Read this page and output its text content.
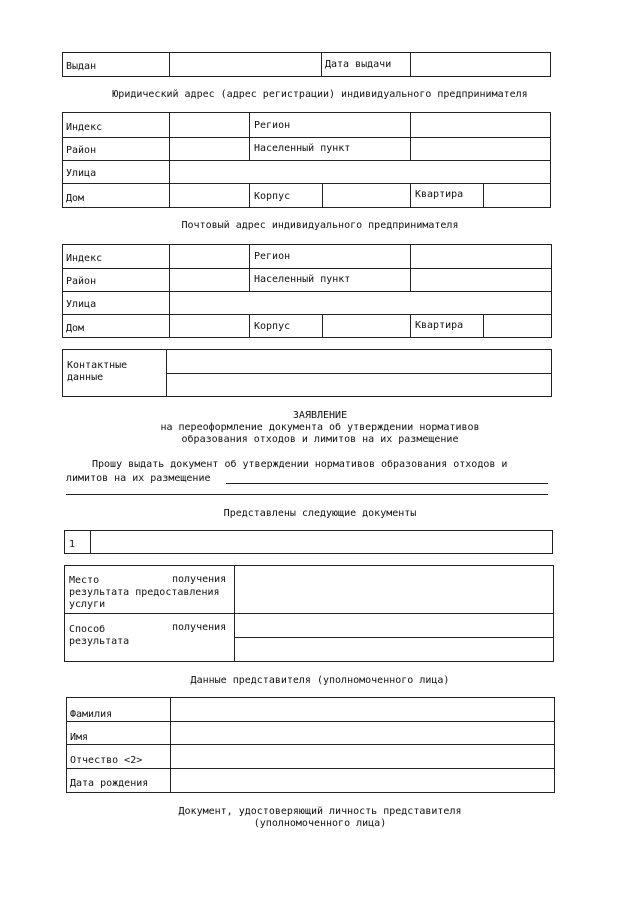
Выдан	Дата выдачи
Юридический адрес (адрес регистрации) индивидуального предпринимателя
Индекс	Регион
Район	Населенный пункт
Улица
Дом	Корпус	Квартира
Почтовый адрес индивидуального предпринимателя
Индекс	Регион
Район	Населенный пункт
Улица
Дом	Корпус	Квартира
Контактные
данные
ЗАЯВЛЕНИЕ
на переоформление документа об утверждении нормативов
образования отходов и лимитов на их размещение
Прошу выдать документ об утверждении нормативов образования отходов и
лимитов на их размещение
Представлены следующие документы
1
Место	получения
результата предоставления
услуги
Способ	получения
результата
Данные представителя (уполномоченного лица)
Фамилия
Имя
Отчество <2>
Дата рождения
Документ, удостоверяющий личность представителя
(уполномоченного лица)
